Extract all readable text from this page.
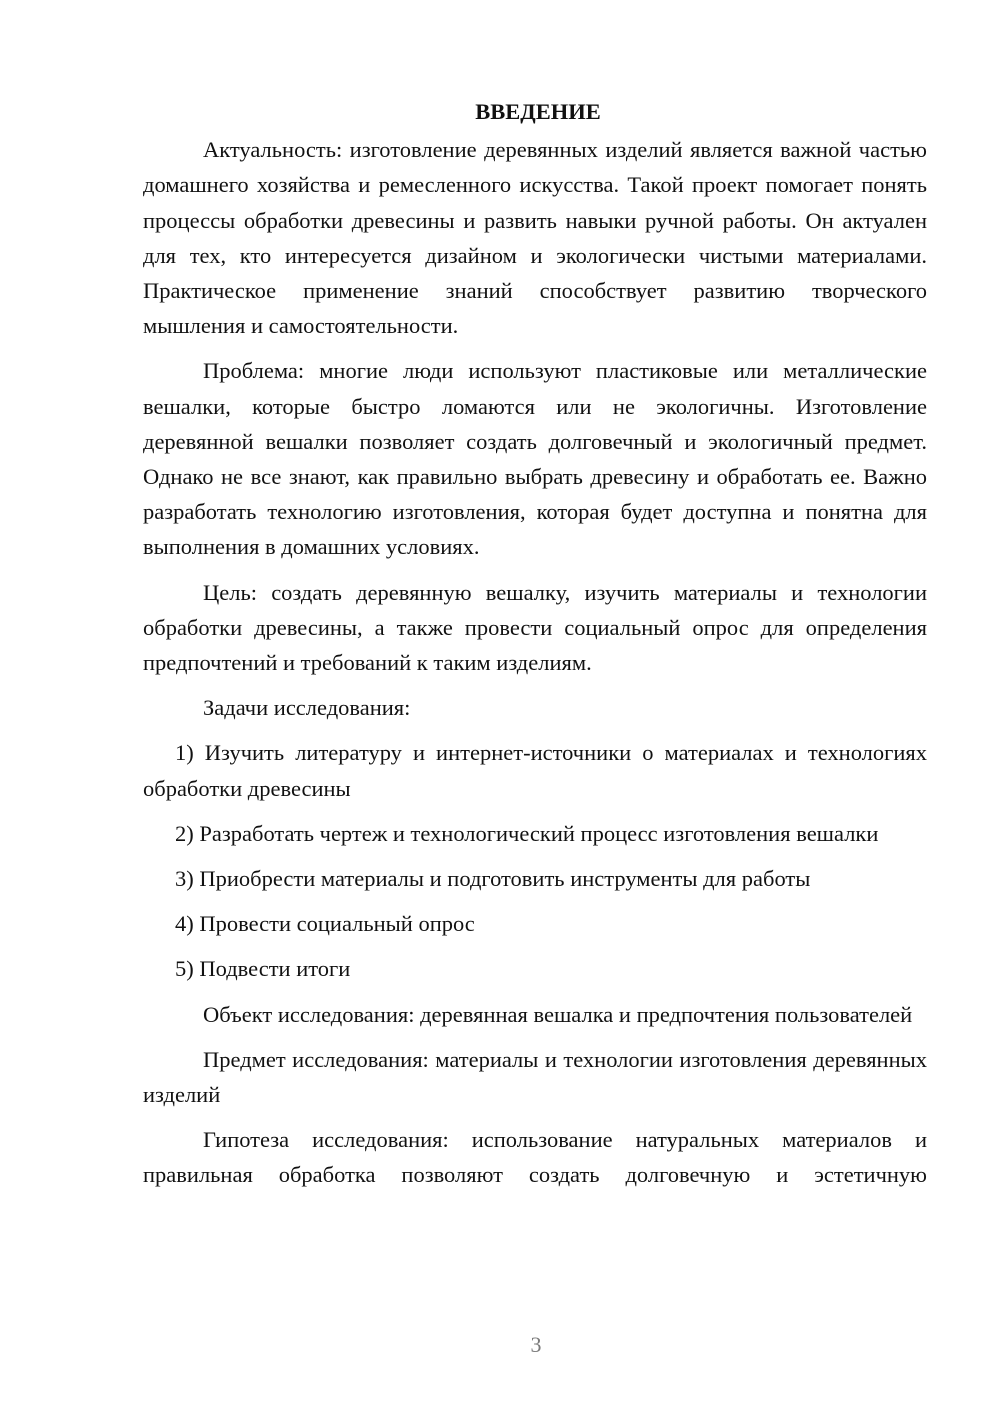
ВВЕДЕНИЕ

Актуальность: изготовление деревянных изделий является важной частью домашнего хозяйства и ремесленного искусства. Такой проект помогает понять процессы обработки древесины и развить навыки ручной работы. Он актуален для тех, кто интересуется дизайном и экологически чистыми материалами. Практическое применение знаний способствует развитию творческого мышления и самостоятельности.

Проблема: многие люди используют пластиковые или металлические вешалки, которые быстро ломаются или не экологичны. Изготовление деревянной вешалки позволяет создать долговечный и экологичный предмет. Однако не все знают, как правильно выбрать древесину и обработать ее. Важно разработать технологию изготовления, которая будет доступна и понятна для выполнения в домашних условиях.

Цель: создать деревянную вешалку, изучить материалы и технологии обработки древесины, а также провести социальный опрос для определения предпочтений и требований к таким изделиям.

Задачи исследования:

1) Изучить литературу и интернет-источники о материалах и технологиях обработки древесины

2) Разработать чертеж и технологический процесс изготовления вешалки

3) Приобрести материалы и подготовить инструменты для работы

4) Провести социальный опрос

5) Подвести итоги

Объект исследования: деревянная вешалка и предпочтения пользователей

Предмет исследования: материалы и технологии изготовления деревянных изделий

Гипотеза исследования: использование натуральных материалов и правильная обработка позволяют создать долговечную и эстетичную

3
